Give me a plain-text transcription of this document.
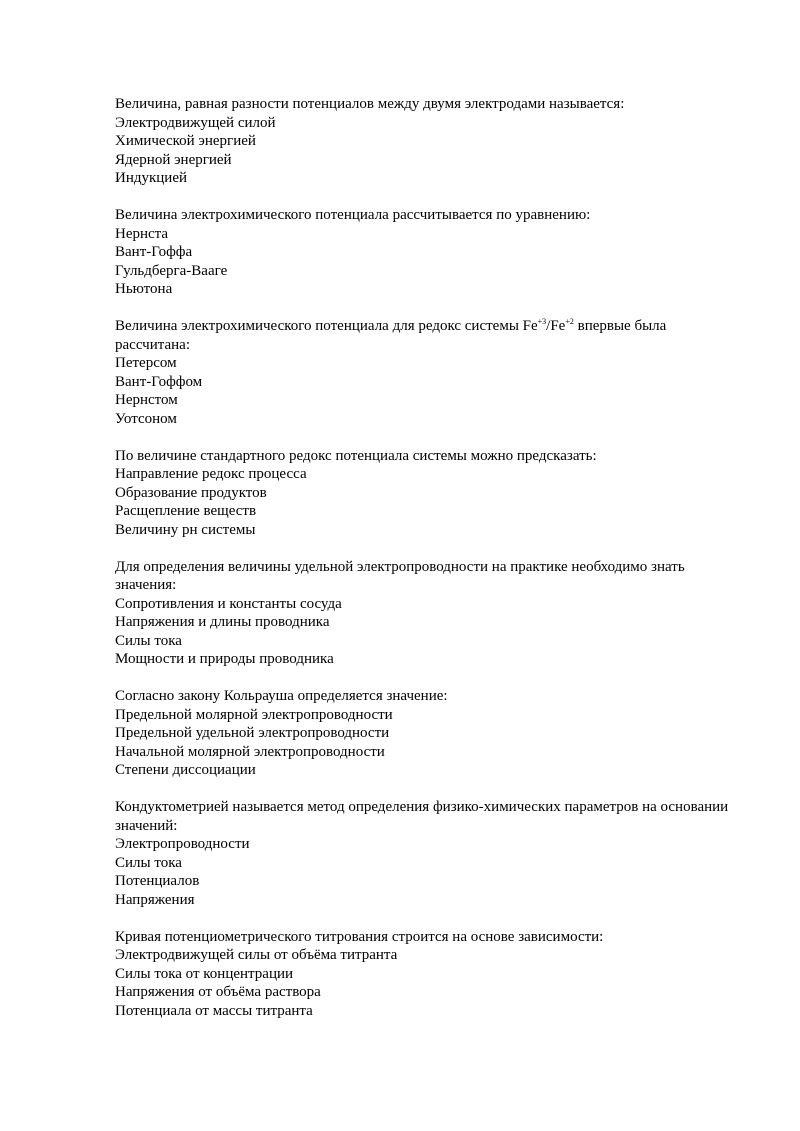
Величина, равная разности потенциалов между двумя электродами называется:
Электродвижущей силой
Химической энергией
Ядерной энергией
Индукцией
Величина электрохимического потенциала рассчитывается по уравнению:
Нернста
Вант-Гоффа
Гульдберга-Вааге
Ньютона
Величина электрохимического потенциала для редокс системы $Fe^{+3}/Fe^{+2}$ впервые была рассчитана:
Петерсом
Вант-Гоффом
Нернстом
Уотсоном
По величине стандартного редокс потенциала системы можно предсказать:
Направление редокс процесса
Образование продуктов
Расщепление веществ
Величину рн системы
Для определения величины удельной электропроводности на практике необходимо знать значения:
Сопротивления и константы сосуда
Напряжения и длины проводника
Силы тока
Мощности и природы проводника
Согласно закону Кольрауша определяется значение:
Предельной молярной электропроводности
Предельной удельной электропроводности
Начальной молярной электропроводности
Степени диссоциации
Кондуктометрией называется метод определения физико-химических параметров на основании значений:
Электропроводности
Силы тока
Потенциалов
Напряжения
Кривая потенциометрического титрования строится на основе зависимости:
Электродвижущей силы от объёма титранта
Силы тока от концентрации
Напряжения от объёма раствора
Потенциала от массы титранта
